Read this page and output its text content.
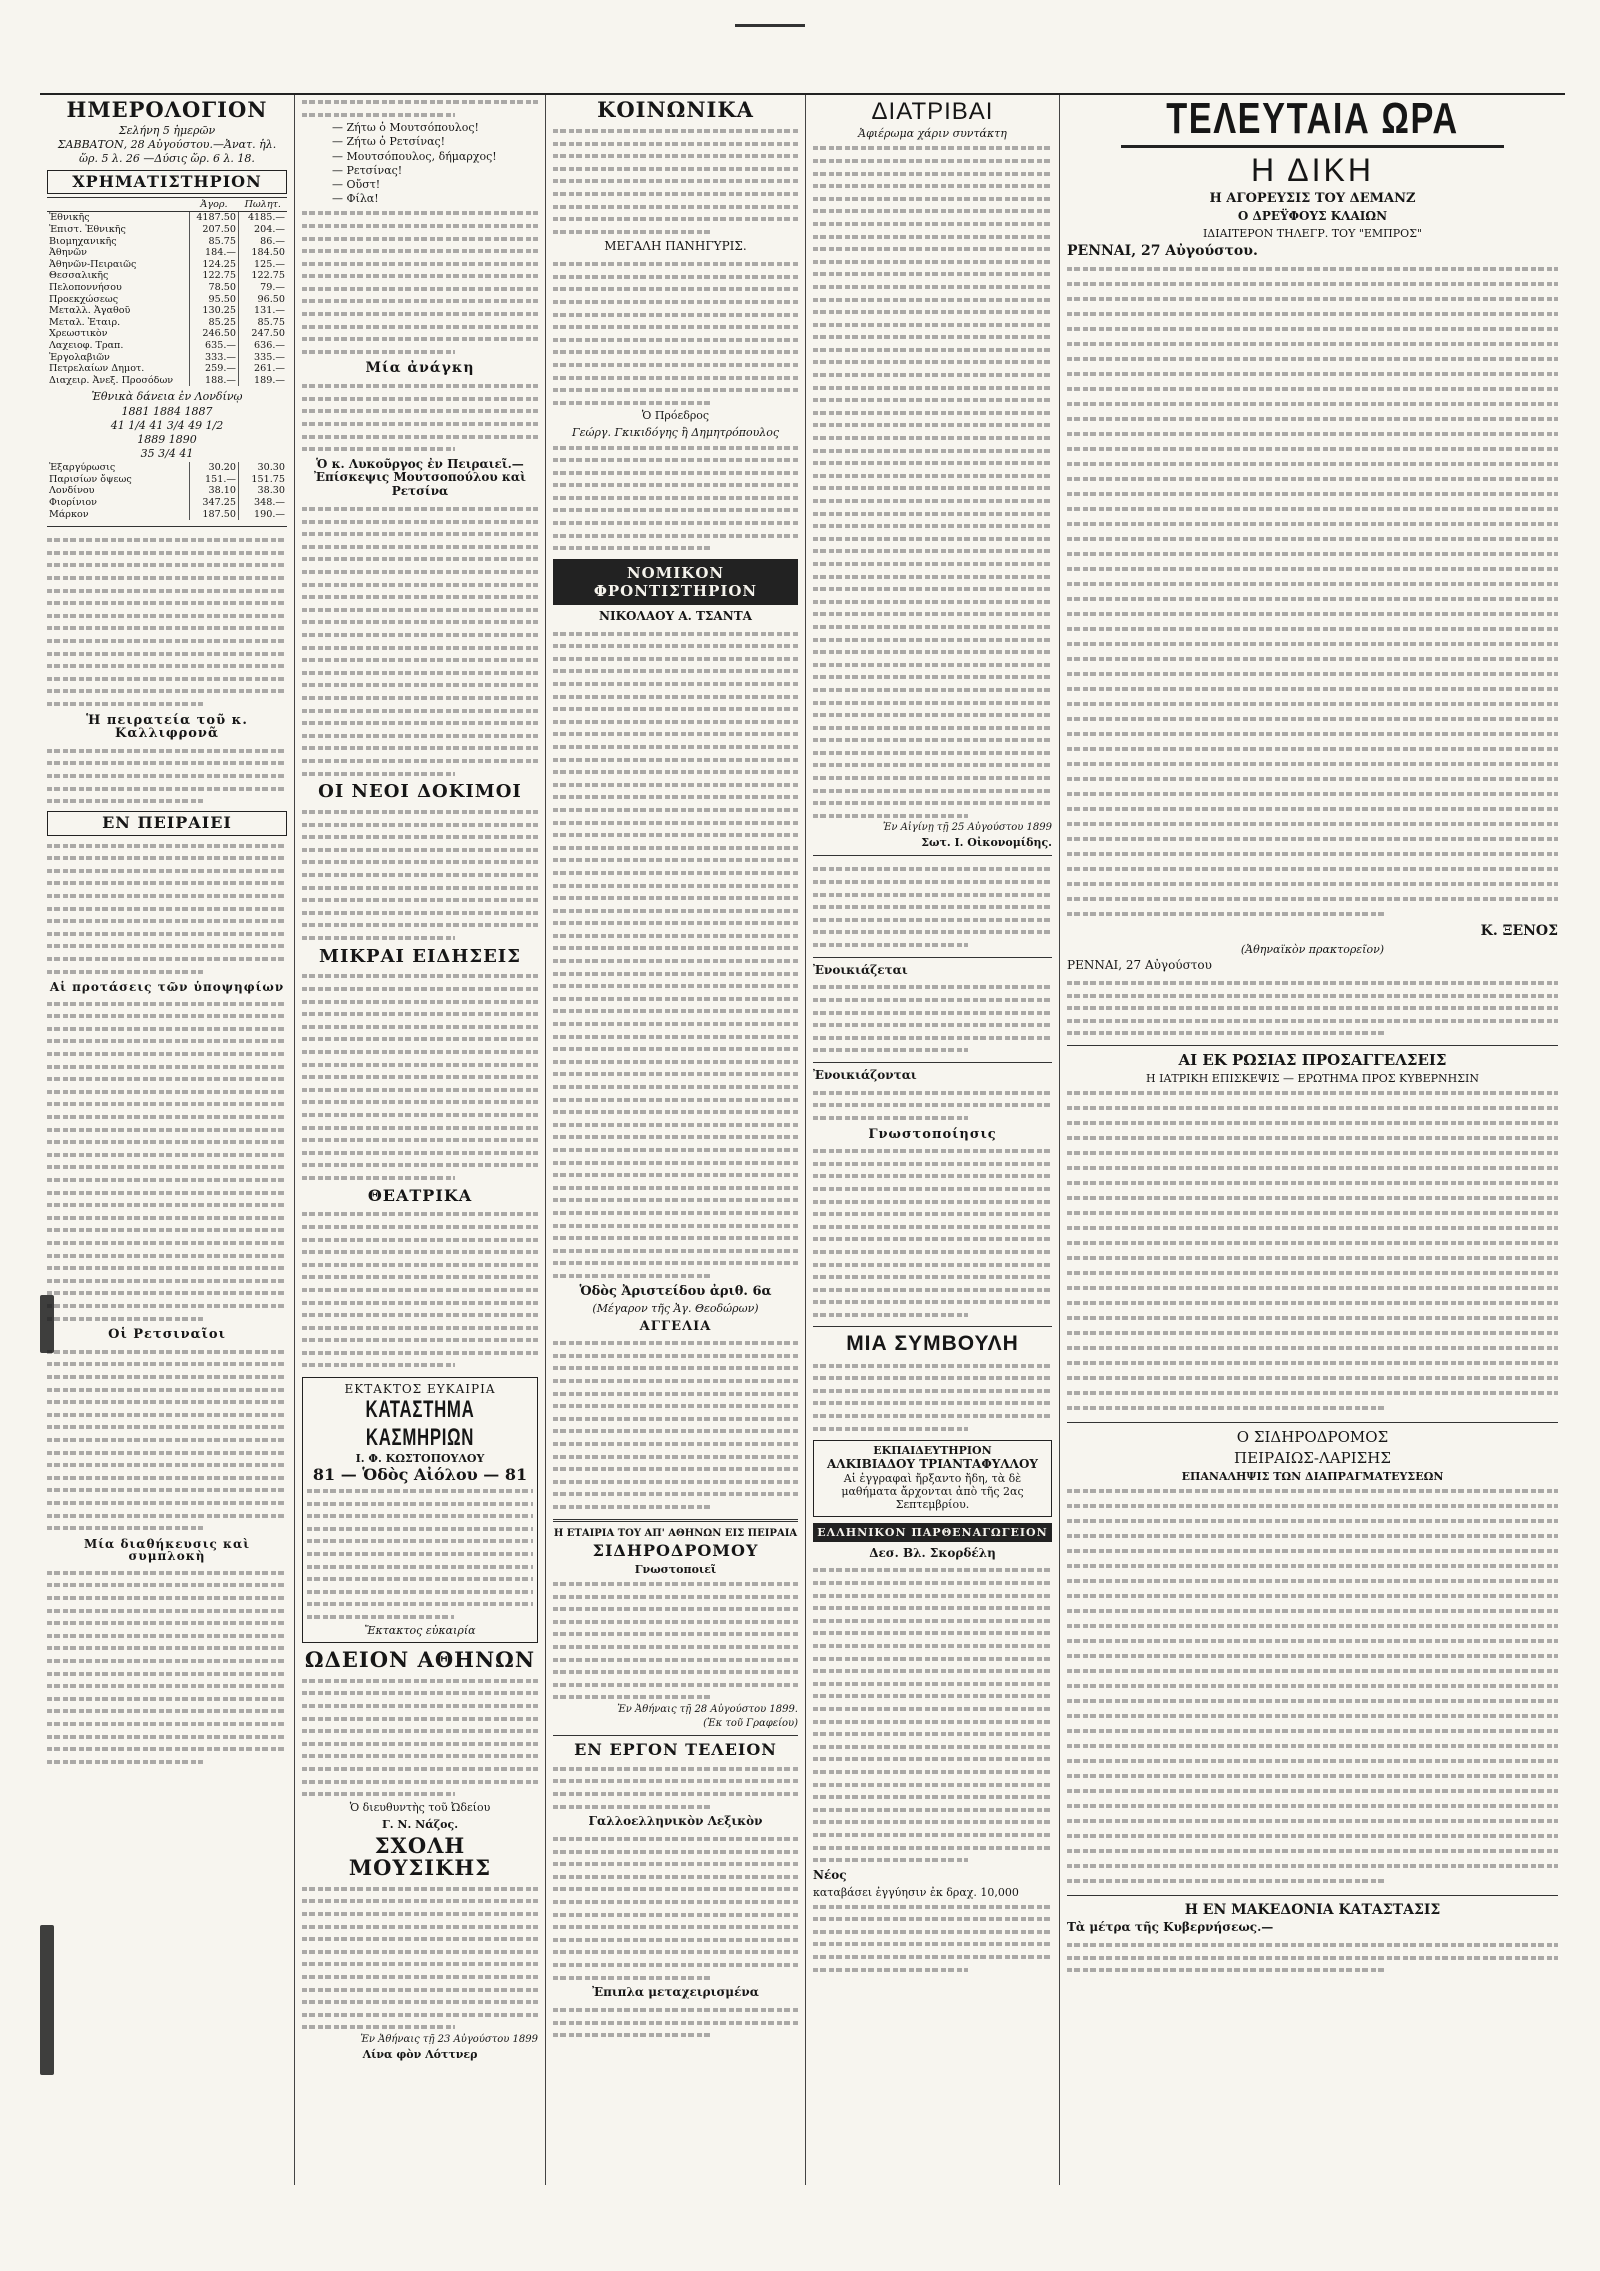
ΗΜΕΡΟΛΟΓΙΟΝ
Σελήνη 5 ἡμερῶν
ΣΑΒΒΑΤΟΝ, 28 Αὐγούστου.—Ἀνατ. ἡλ.
ὥρ. 5 λ. 26 —Δύσις ὥρ. 6 λ. 18.
ΧΡΗΜΑΤΙΣΤΗΡΙΟΝ
	Ἀγορ.	Πωλητ.
Ἐθνικῆς	4187.50	4185.—
Ἐπιστ. Ἐθνικῆς	207.50	204.—
Βιομηχανικῆς	85.75	86.—
Ἀθηνῶν	184.—	184.50
Ἀθηνῶν-Πειραιῶς	124.25	125.—
Θεσσαλικῆς	122.75	122.75
Πελοποννήσου	78.50	79.—
Προεκχώσεως	95.50	96.50
Μεταλλ. Ἀγαθοῦ	130.25	131.—
Μεταλ. Ἐταιρ.	85.25	85.75
Χρεωστικὸν	246.50	247.50
Λαχειοφ. Τραπ.	635.—	636.—
Ἐργολαβιῶν	333.—	335.—
Πετρελαίων Δημοτ.	259.—	261.—
Διαχειρ. Ἀνεξ. Προσόδων	188.—	189.—
Ἐθνικὰ δάνεια ἐν Λονδίνῳ
1881 1884 1887
41 1/4 41 3/4 49 1/2
1889 1890
35 3/4 41
Ἐξαργύρωσις	30.20	30.30
Παρισίων ὄψεως	151.—	151.75
Λονδίνου	38.10	38.30
Φιορίνιον	347.25	348.—
Μάρκον	187.50	190.—
Ἡ πειρατεία τοῦ κ. Καλλιφρονᾶ
ΕΝ ΠΕΙΡΑΙΕΙ
Αἱ προτάσεις τῶν ὑποψηφίων
Οἱ Ρετσιναῖοι
Μία διαθήκευσις καὶ συμπλοκὴ
— Ζήτω ὁ Μουτσόπουλος!
— Ζήτω ὁ Ρετσίνας!
— Μουτσόπουλος, δήμαρχος!
— Ρετσίνας!
— Οὔστ!
— Φίλα!
Μία ἀνάγκη
Ὁ κ. Λυκοῦργος ἐν Πειραιεῖ.—Ἐπίσκεψις Μουτσοπούλου καὶ Ρετσίνα
ΟΙ ΝΕΟΙ ΔΟΚΙΜΟΙ
ΜΙΚΡΑΙ ΕΙΔΗΣΕΙΣ
ΘΕΑΤΡΙΚΑ
ΕΚΤΑΚΤΟΣ ΕΥΚΑΙΡΙΑ
ΚΑΤΑΣΤΗΜΑ ΚΑΣΜΗΡΙΩΝ
Ι. Φ. ΚΩΣΤΟΠΟΥΛΟΥ
81 — Ὁδὸς Αἰόλου — 81
Ἔκτακτος εὐκαιρία
ΩΔΕΙΟΝ ΑΘΗΝΩΝ
Ὁ διευθυντὴς τοῦ Ὠδείου
Γ. Ν. Νάζος.
ΣΧΟΛΗ ΜΟΥΣΙΚΗΣ
Ἐν Ἀθήναις τῇ 23 Αὐγούστου 1899
Λίνα φὸν Λόττνερ
ΚΟΙΝΩΝΙΚΑ
ΜΕΓΑΛΗ ΠΑΝΗΓΥΡΙΣ.
Ὁ Πρόεδρος
Γεώργ. Γκικιδόγης ἢ Δημητρόπουλος
ΝΟΜΙΚΟΝ ΦΡΟΝΤΙΣΤΗΡΙΟΝ
ΝΙΚΟΛΑΟΥ Α. ΤΣΑΝΤΑ
Ὁδὸς Ἀριστείδου ἀριθ. 6α
(Μέγαρον τῆς Ἀγ. Θεοδώρων)
ΑΓΓΕΛΙΑ
Η ΕΤΑΙΡΙΑ ΤΟΥ ΑΠ' ΑΘΗΝΩΝ ΕΙΣ ΠΕΙΡΑΙΑ
ΣΙΔΗΡΟΔΡΟΜΟΥ
Γνωστοποιεῖ
Ἐν Ἀθήναις τῇ 28 Αὐγούστου 1899.
(Ἐκ τοῦ Γραφείου)
ΕΝ ΕΡΓΟΝ ΤΕΛΕΙΟΝ
Γαλλοελληνικὸν Λεξικὸν
Ἐπιπλα μεταχειρισμένα
ΔΙΑΤΡΙΒΑΙ
Ἀφιέρωμα χάριν συντάκτη
Ἐν Αἰγίνῃ τῇ 25 Αὐγούστου 1899
Σωτ. Ι. Οἰκονομίδης.
Ἐνοικιάζεται
Ἐνοικιάζονται
Γνωστοποίησις
ΜΙΑ ΣΥΜΒΟΥΛΗ
ΕΚΠΑΙΔΕΥΤΗΡΙΟΝ
ΑΛΚΙΒΙΑΔΟΥ ΤΡΙΑΝΤΑΦΥΛΛΟΥ
Αἱ ἐγγραφαὶ ἤρξαντο ἤδη, τὰ δὲ μαθήματα ἄρχονται ἀπὸ τῆς 2ας Σεπτεμβρίου.
ΕΛΛΗΝΙΚΟΝ ΠΑΡΘΕΝΑΓΩΓΕΙΟΝ
Δεσ. Βλ. Σκορδέλη
Νέος
καταβάσει ἐγγύησιν ἐκ δραχ. 10,000
ΤΕΛΕΥΤΑΙΑ ΩΡΑ
Η ΔΙΚΗ
Η ΑΓΟΡΕΥΣΙΣ ΤΟΥ ΔΕΜΑΝΖ
Ο ΔΡΕΫΦΟΥΣ ΚΛΑΙΩΝ
ΙΔΙΑΙΤΕΡΟΝ ΤΗΛΕΓΡ. ΤΟΥ "ΕΜΠΡΟΣ"
ΡΕΝΝΑΙ, 27 Αὐγούστου.
Κ. ΞΕΝΟΣ
(Ἀθηναϊκὸν πρακτορεῖον)
ΡΕΝΝΑΙ, 27 Αὐγούστου
ΑΙ ΕΚ ΡΩΣΙΑΣ ΠΡΟΣΑΓΓΕΛΣΕΙΣ
Η ΙΑΤΡΙΚΗ ΕΠΙΣΚΕΨΙΣ — ΕΡΩΤΗΜΑ ΠΡΟΣ ΚΥΒΕΡΝΗΣΙΝ
Ο ΣΙΔΗΡΟΔΡΟΜΟΣ
ΠΕΙΡΑΙΩΣ-ΛΑΡΙΣΗΣ
ΕΠΑΝΑΛΗΨΙΣ ΤΩΝ ΔΙΑΠΡΑΓΜΑΤΕΥΣΕΩΝ
Η ΕΝ ΜΑΚΕΔΟΝΙΑ ΚΑΤΑΣΤΑΣΙΣ
Τὰ μέτρα τῆς Κυβερνήσεως.—
